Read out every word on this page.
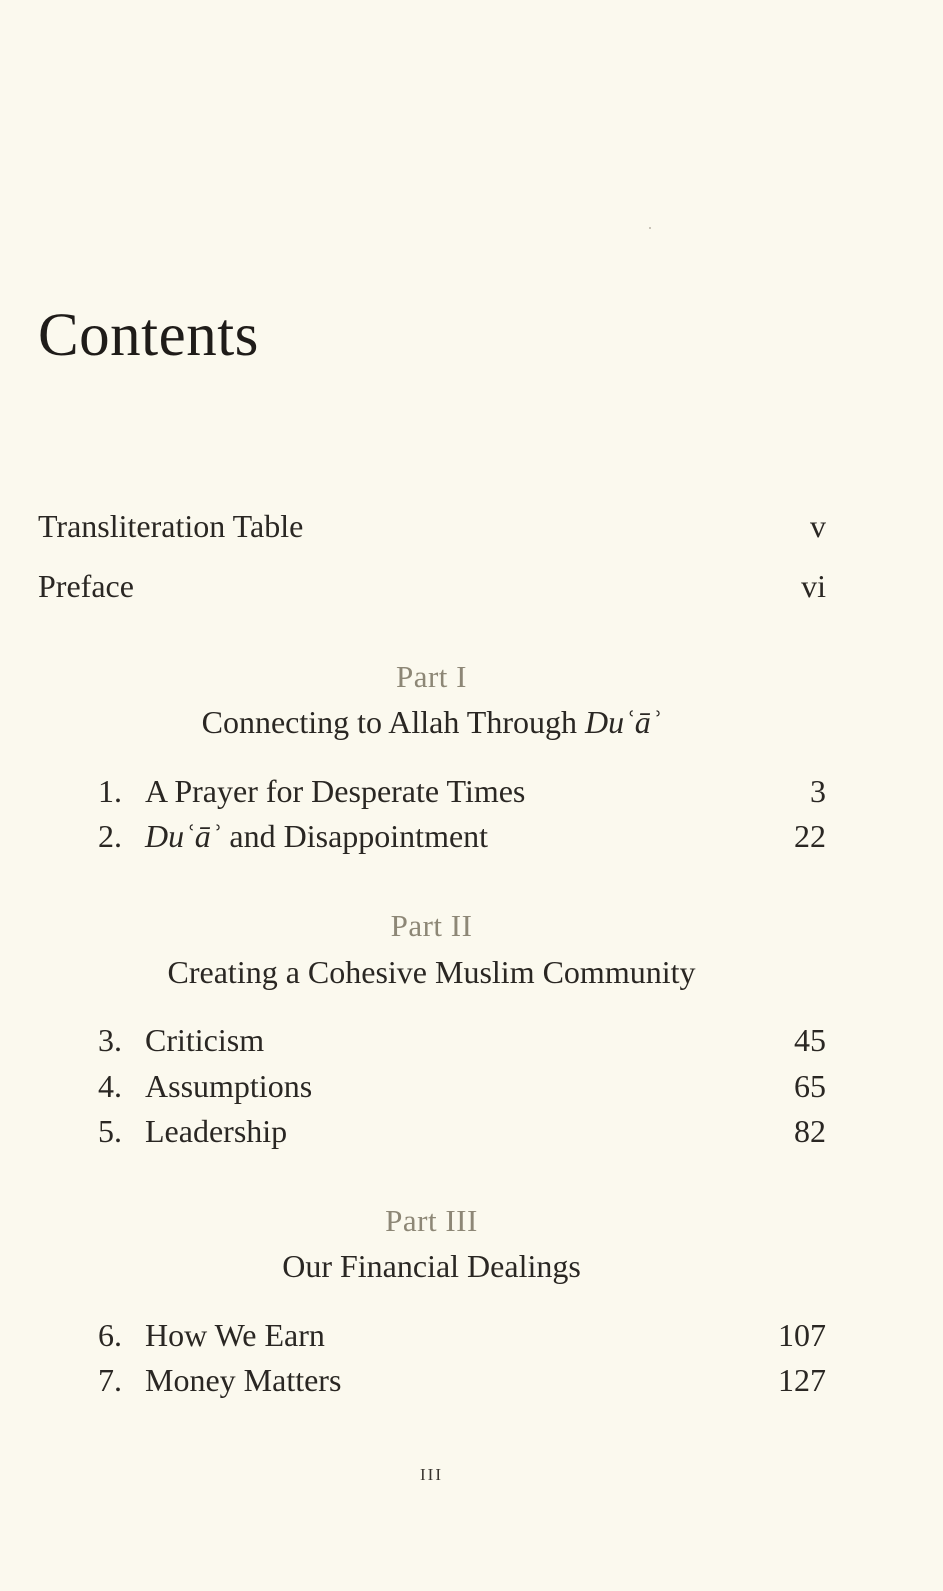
Contents
Transliteration Table	v
Preface	vi
Part I
Connecting to Allah Through Duʿāʾ
1. A Prayer for Desperate Times	3
2. Duʿāʾ and Disappointment	22
Part II
Creating a Cohesive Muslim Community
3. Criticism	45
4. Assumptions	65
5. Leadership	82
Part III
Our Financial Dealings
6. How We Earn	107
7. Money Matters	127
III
